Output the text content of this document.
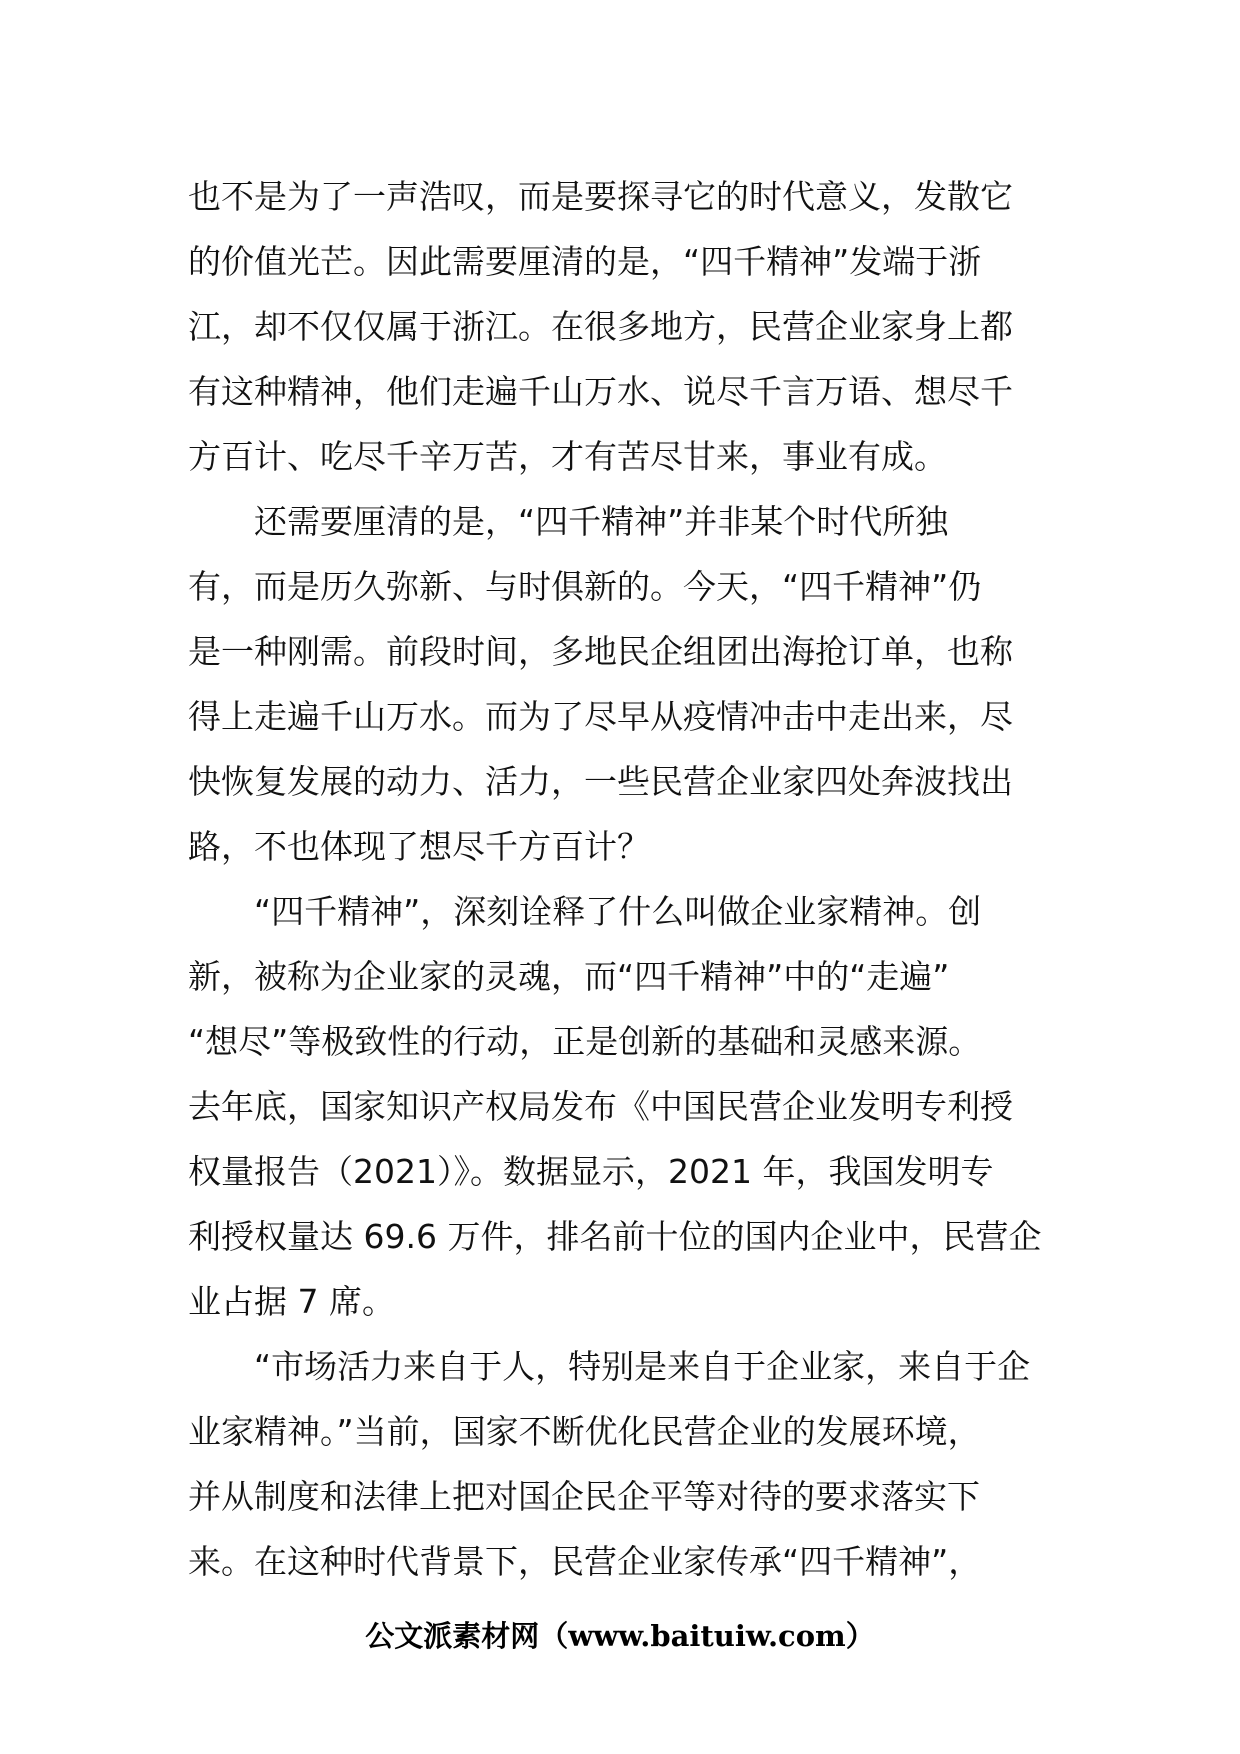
也不是为了一声浩叹，而是要探寻它的时代意义，发散它
的价值光芒。因此需要厘清的是，“四千精神”发端于浙
江，却不仅仅属于浙江。在很多地方，民营企业家身上都
有这种精神，他们走遍千山万水、说尽千言万语、想尽千
方百计、吃尽千辛万苦，才有苦尽甘来，事业有成。
还需要厘清的是，“四千精神”并非某个时代所独
有，而是历久弥新、与时俱新的。今天，“四千精神”仍
是一种刚需。前段时间，多地民企组团出海抢订单，也称
得上走遍千山万水。而为了尽早从疫情冲击中走出来，尽
快恢复发展的动力、活力，一些民营企业家四处奔波找出
路，不也体现了想尽千方百计？
“四千精神”，深刻诠释了什么叫做企业家精神。创
新，被称为企业家的灵魂，而“四千精神”中的“走遍”
“想尽”等极致性的行动，正是创新的基础和灵感来源。
去年底，国家知识产权局发布《中国民营企业发明专利授
权量报告（2021）》。数据显示，2021 年，我国发明专
利授权量达 69.6 万件，排名前十位的国内企业中，民营企
业占据 7 席。
“市场活力来自于人，特别是来自于企业家，来自于企
业家精神。”当前，国家不断优化民营企业的发展环境，
并从制度和法律上把对国企民企平等对待的要求落实下
来。在这种时代背景下，民营企业家传承“四千精神”，
公文派素材网（www.baituiw.com）
